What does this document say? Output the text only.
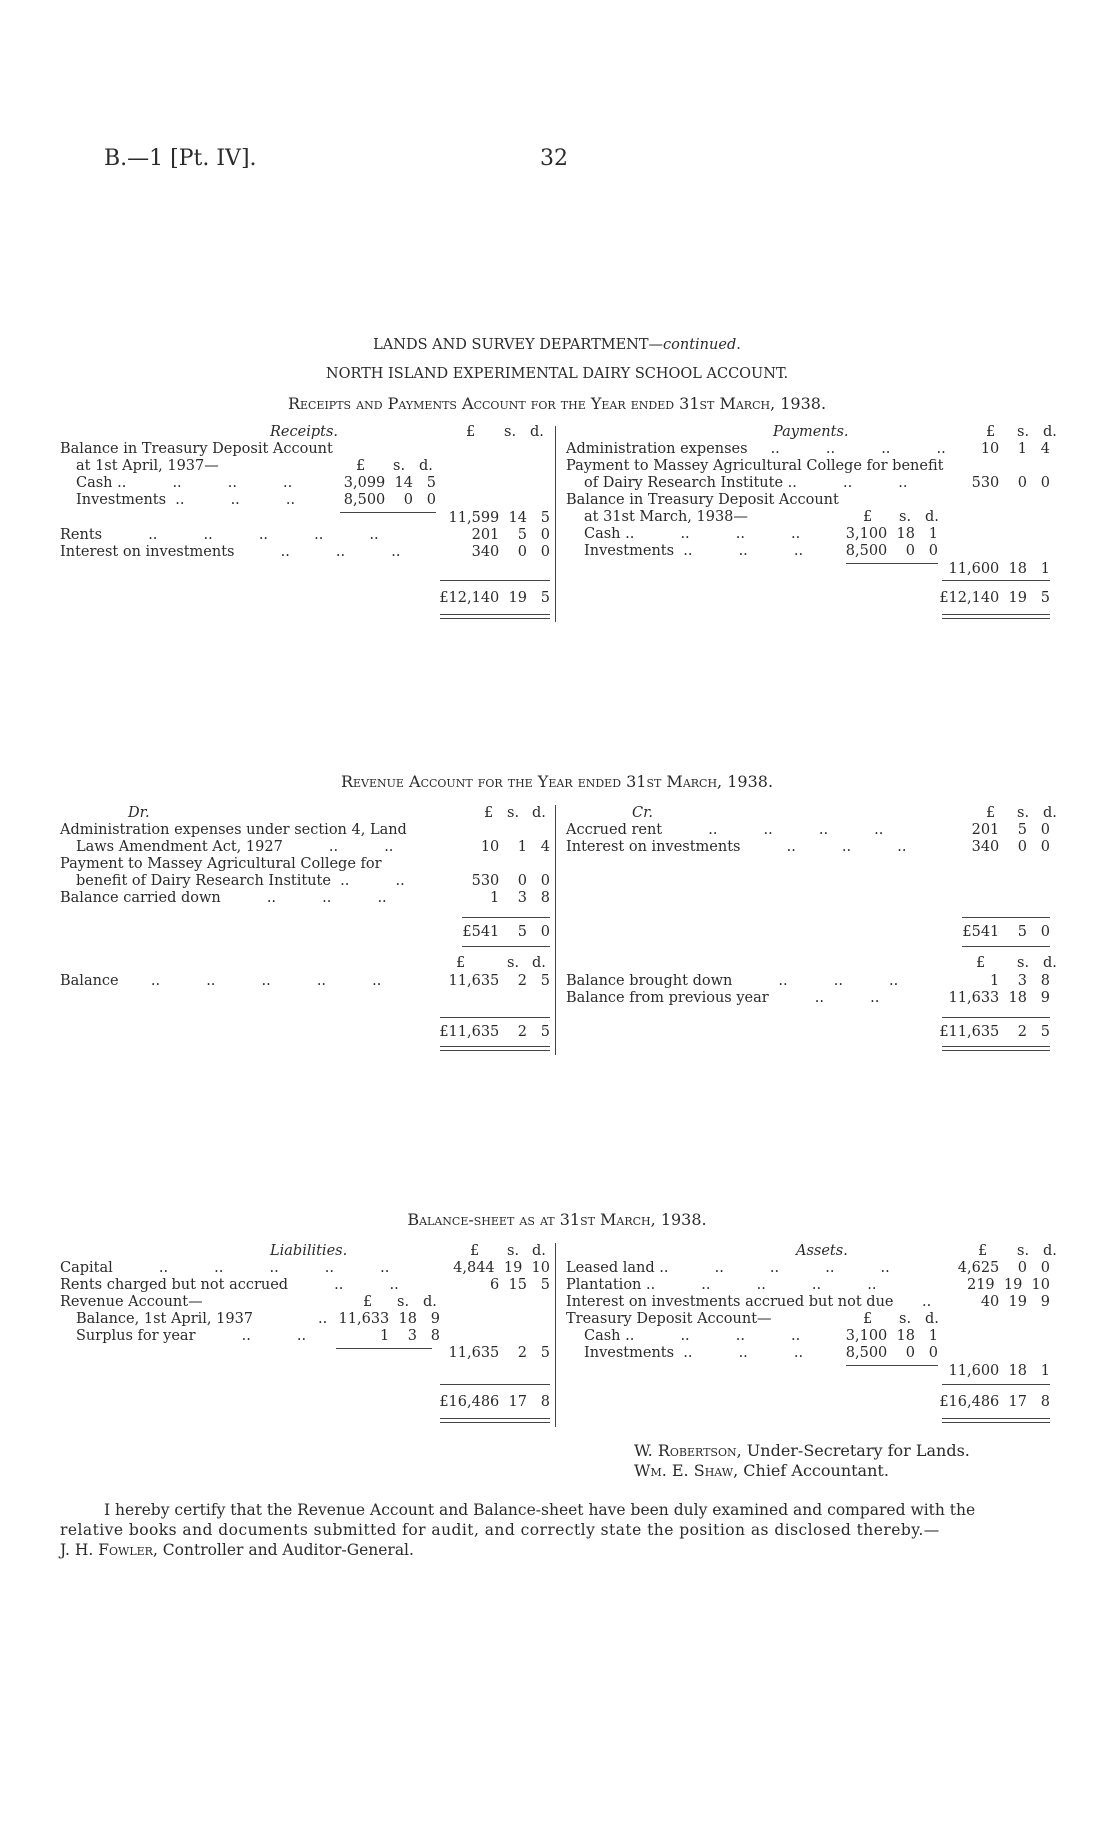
B.—1 [Pt. IV].	32
LANDS AND SURVEY DEPARTMENT—continued.
NORTH ISLAND EXPERIMENTAL DAIRY SCHOOL ACCOUNT.
Receipts and Payments Account for the Year ended 31st March, 1938.
Receipts.	£ s. d.
Balance in Treasury Deposit Account
at 1st April, 1937—	£ s. d.
Cash ..          ..          ..          ..	3,099  14   5
Investments  ..          ..          ..	8,500    0   0
11,599  14   5
Rents          ..          ..          ..          ..          ..	201    5   0
Interest on investments          ..          ..          ..	340    0   0
£12,140  19   5
Payments.	£ s. d.
Administration expenses     ..          ..          ..          ..	10    1   4
Payment to Massey Agricultural College for benefit
of Dairy Research Institute ..          ..          ..	530    0   0
Balance in Treasury Deposit Account
at 31st March, 1938—	£ s. d.
Cash ..          ..          ..          ..	3,100  18   1
Investments  ..          ..          ..	8,500    0   0
11,600  18   1
£12,140  19   5
Revenue Account for the Year ended 31st March, 1938.
Dr.	£ s. d.
Administration expenses under section 4, Land
Laws Amendment Act, 1927          ..          ..	10    1   4
Payment to Massey Agricultural College for
benefit of Dairy Research Institute  ..          ..	530    0   0
Balance carried down          ..          ..          ..	1    3   8
£541    5   0
Cr.	£ s. d.
Accrued rent          ..          ..          ..          ..	201    5   0
Interest on investments          ..          ..          ..	340    0   0
£541    5   0
£	s. d.
Balance       ..          ..          ..          ..          ..	11,635    2   5
£11,635    2   5
£ s. d.
Balance brought down          ..          ..          ..	1    3   8
Balance from previous year          ..          ..	11,633  18   9
£11,635    2   5
Balance-sheet as at 31st March, 1938.
Liabilities.	£ s. d.
Capital          ..          ..          ..          ..          ..	4,844  19  10
Rents charged but not accrued          ..          ..	6  15   5
Revenue Account—	£ s. d.
Balance, 1st April, 1937	.. 11,633  18   9
Surplus for year          ..          ..	1    3   8
11,635    2   5
£16,486  17   8
Assets.	£ s. d.
Leased land ..          ..          ..          ..          ..	4,625    0   0
Plantation ..          ..          ..          ..          ..	219  19  10
Interest on investments accrued but not due ..	40  19   9
Treasury Deposit Account—	£ s. d.
Cash ..          ..          ..          ..	3,100  18   1
Investments  ..          ..          ..	8,500    0   0
11,600  18   1
£16,486  17   8
W. Robertson, Under-Secretary for Lands.
Wm. E. Shaw, Chief Accountant.
I hereby certify that the Revenue Account and Balance-sheet have been duly examined and compared with the
relative books and documents submitted for audit, and correctly state the position as disclosed thereby.—
J. H. Fowler, Controller and Auditor-General.
